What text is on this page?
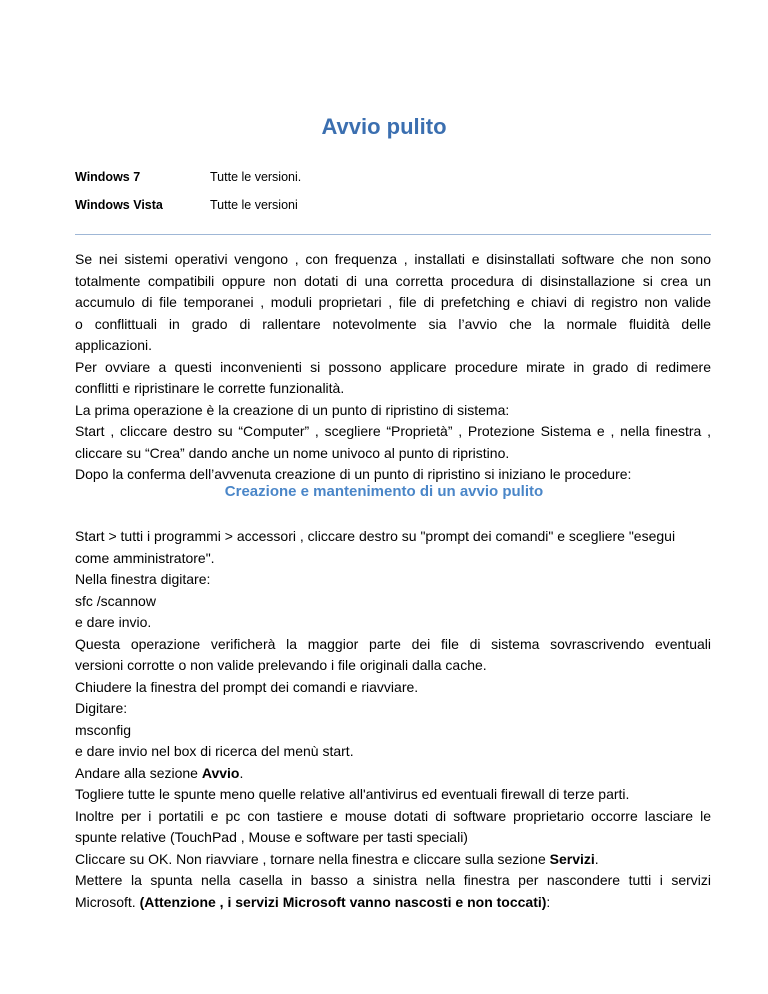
Avvio pulito
Windows 7	Tutte le versioni.
Windows Vista	Tutte le versioni
Se nei sistemi operativi vengono , con frequenza , installati e disinstallati software che non sono
totalmente compatibili oppure non dotati di una corretta procedura di disinstallazione si crea un
accumulo di file temporanei , moduli proprietari , file di prefetching e chiavi di registro non valide
o conflittuali in grado di rallentare notevolmente sia l’avvio che la normale fluidità delle
applicazioni.
Per ovviare a questi inconvenienti si possono applicare procedure mirate in grado di redimere
conflitti e ripristinare le corrette funzionalità.
La prima operazione è la creazione di un punto di ripristino di sistema:
Start , cliccare destro su “Computer” , scegliere “Proprietà” , Protezione Sistema e , nella finestra ,
cliccare su “Crea” dando anche un nome univoco al punto di ripristino.
Dopo la conferma dell’avvenuta creazione di un punto di ripristino si iniziano le procedure:
Creazione e mantenimento di un avvio pulito
Start > tutti i programmi > accessori , cliccare destro su "prompt dei comandi" e scegliere "esegui
come amministratore".
Nella finestra digitare:
sfc /scannow
e dare invio.
Questa operazione verificherà la maggior parte dei file di sistema sovrascrivendo eventuali
versioni corrotte o non valide prelevando i file originali dalla cache.
Chiudere la finestra del prompt dei comandi e riavviare.
Digitare:
msconfig
e dare invio nel box di ricerca del menù start.
Andare alla sezione Avvio.
Togliere tutte le spunte meno quelle relative all'antivirus ed eventuali firewall di terze parti.
Inoltre per i portatili e pc con tastiere e mouse dotati di software proprietario occorre lasciare le
spunte relative (TouchPad , Mouse e software per tasti speciali)
Cliccare su OK. Non riavviare , tornare nella finestra e cliccare sulla sezione Servizi.
Mettere la spunta nella casella in basso a sinistra nella finestra per nascondere tutti i servizi
Microsoft. (Attenzione , i servizi Microsoft vanno nascosti e non toccati):
